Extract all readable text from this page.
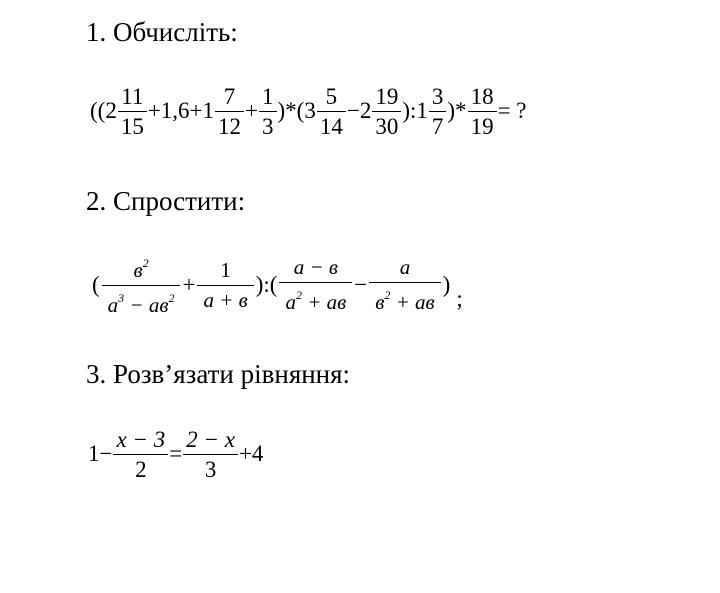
1. Обчисліть:
($(2 \frac{11}{15} +1,6+1 \frac{7}{12} + \frac{1}{3} )*(3 \frac{5}{14} -2 \frac{19}{30}$ ):1 $\frac{3}{7}$ )* $\frac{18}{19}$ = ?
2. Спростити:
( $\frac{в^2}{a^3 - aв^2} + \frac{1}{a + в}$ ):( $\frac{a - в}{a^2 + aв} - \frac{a}{в^2 + aв}$ )
;
3. Розв’язати рівняння:
$1- \frac{x - 3}{2} = \frac{2 - x}{3} +4$
